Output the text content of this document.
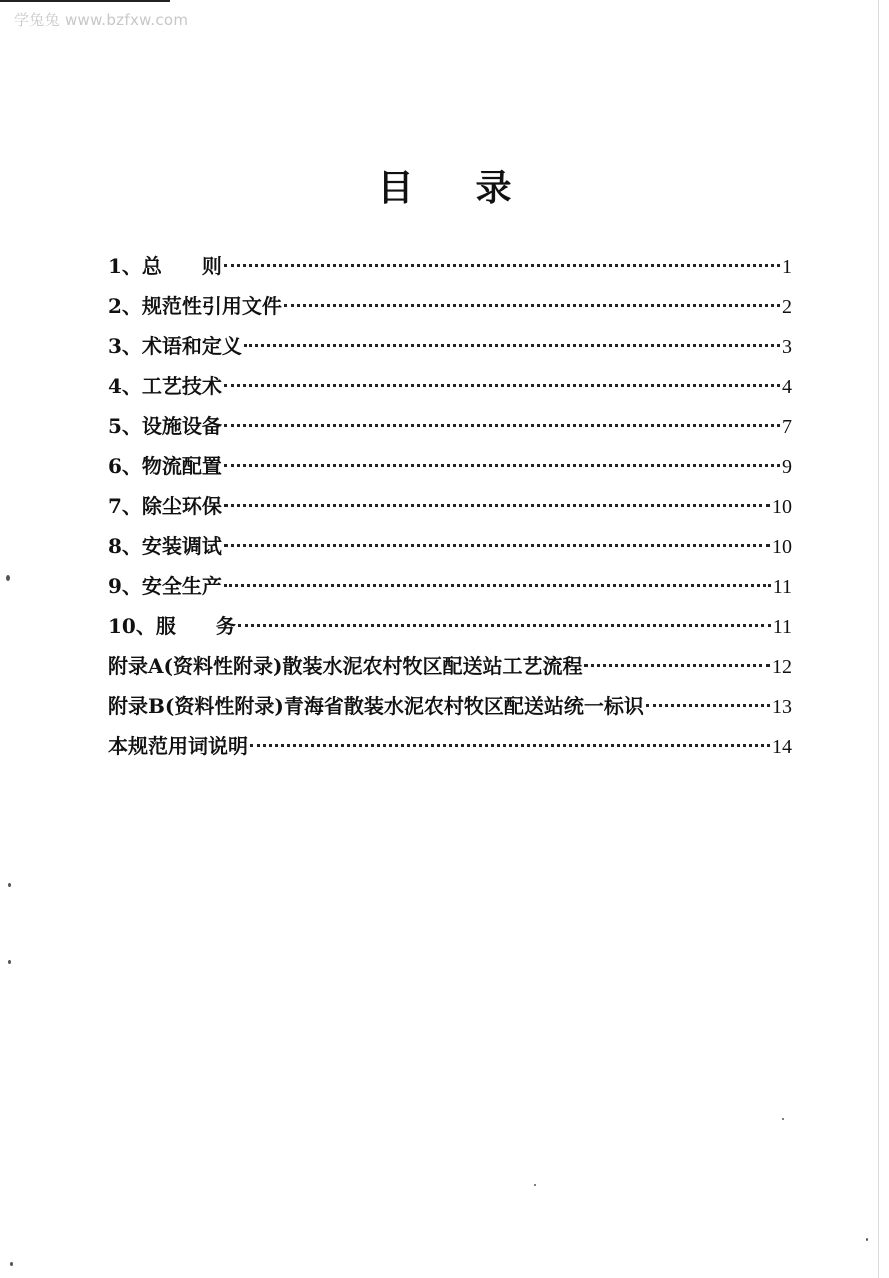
学兔兔 www.bzfxw.com
目录
1、总　　则	1
2、规范性引用文件	2
3、术语和定义	3
4、工艺技术	4
5、设施设备	7
6、物流配置	9
7、除尘环保	10
8、安装调试	10
9、安全生产	11
10、服　　务	11
附录A(资料性附录)散装水泥农村牧区配送站工艺流程	12
附录B(资料性附录)青海省散装水泥农村牧区配送站统一标识	13
本规范用词说明	14
